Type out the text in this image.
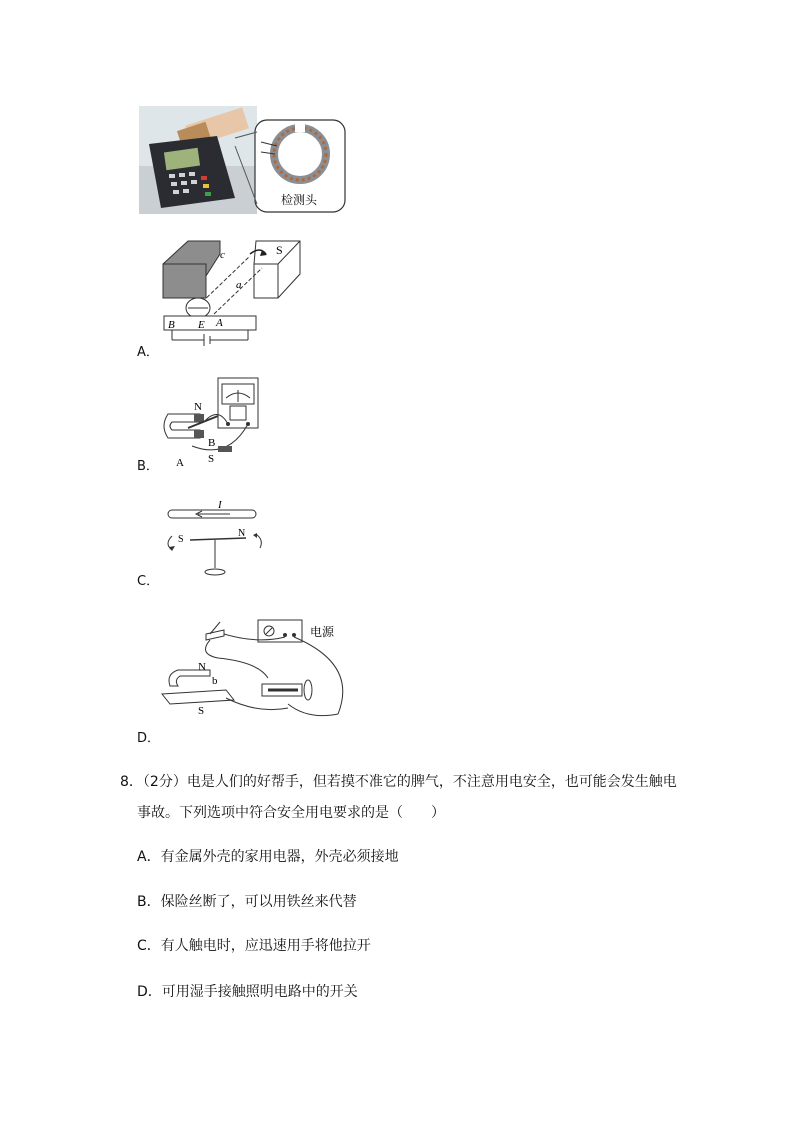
检测头
S
a
c
B E A
A．
N
S
A
B
B．
I
S
N
C．
电源
N
S
b
D．
8．（2分）电是人们的好帮手，但若摸不准它的脾气，不注意用电安全，也可能会发生触电
事故。下列选项中符合安全用电要求的是（　　）
A．有金属外壳的家用电器，外壳必须接地
B．保险丝断了，可以用铁丝来代替
C．有人触电时，应迅速用手将他拉开
D．可用湿手接触照明电路中的开关
